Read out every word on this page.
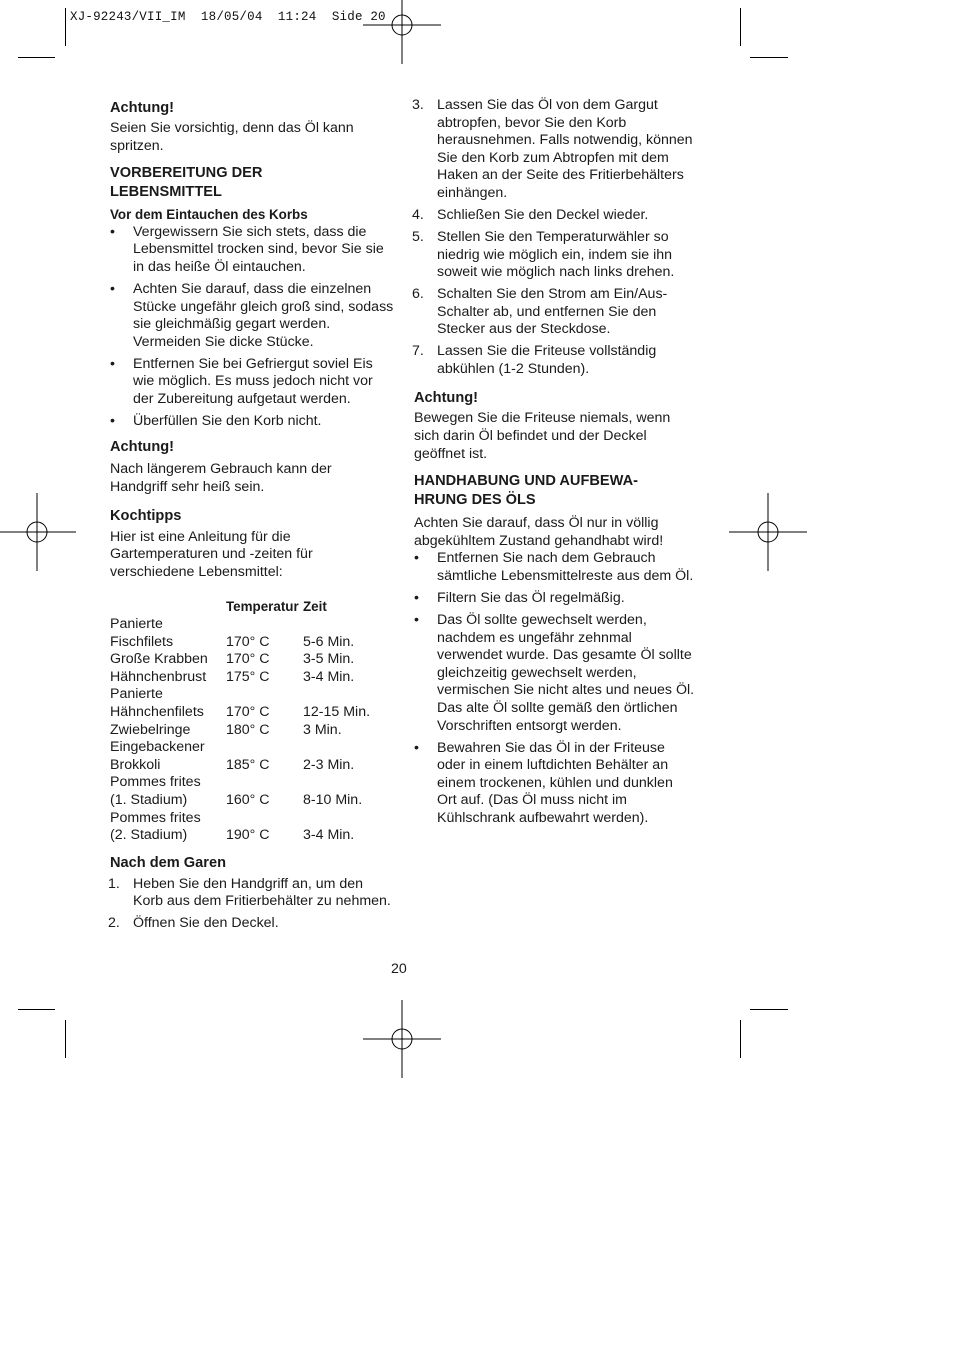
XJ-92243/VII_IM  18/05/04  11:24  Side 20
Achtung!

Seien Sie vorsichtig, denn das Öl kann spritzen.

VORBEREITUNG DER
LEBENSMITTEL
Vor dem Eintauchen des Korbs
• Vergewissern Sie sich stets, dass die Lebensmittel trocken sind, bevor Sie sie in das heiße Öl eintauchen.
• Achten Sie darauf, dass die einzelnen Stücke ungefähr gleich groß sind, sodass sie gleichmäßig gegart werden. Vermeiden Sie dicke Stücke.
• Entfernen Sie bei Gefriergut soviel Eis wie möglich. Es muss jedoch nicht vor der Zubereitung aufgetaut werden.
• Überfüllen Sie den Korb nicht.
Achtung!

Nach längerem Gebrauch kann der Handgriff sehr heiß sein.

Kochtipps

Hier ist eine Anleitung für die Gartemperaturen und -zeiten für verschiedene Lebensmittel:

	Temperatur	Zeit
Panierte		
Fischfilets	170° C	5-6 Min.
Große Krabben	170° C	3-5 Min.
Hähnchenbrust	175° C	3-4 Min.
Panierte		
Hähnchenfilets	170° C	12-15 Min.
Zwiebelringe	180° C	3 Min.
Eingebackener		
Brokkoli	185° C	2-3 Min.
Pommes frites		
(1. Stadium)	160° C	8-10 Min.
Pommes frites		
(2. Stadium)	190° C	3-4 Min.
Nach dem Garen
1. Heben Sie den Handgriff an, um den Korb aus dem Fritierbehälter zu nehmen.
2. Öffnen Sie den Deckel.
3. Lassen Sie das Öl von dem Gargut abtropfen, bevor Sie den Korb herausnehmen. Falls notwendig, können Sie den Korb zum Abtropfen mit dem Haken an der Seite des Fritierbehälters einhängen.
4. Schließen Sie den Deckel wieder.
5. Stellen Sie den Temperaturwähler so niedrig wie möglich ein, indem sie ihn soweit wie möglich nach links drehen.
6. Schalten Sie den Strom am Ein/Aus-Schalter ab, und entfernen Sie den Stecker aus der Steckdose.
7. Lassen Sie die Friteuse vollständig abkühlen (1-2 Stunden).
Achtung!

Bewegen Sie die Friteuse niemals, wenn sich darin Öl befindet und der Deckel geöffnet ist.

HANDHABUNG UND AUFBEWA-
HRUNG DES ÖLS

Achten Sie darauf, dass Öl nur in völlig abgekühltem Zustand gehandhabt wird!

• Entfernen Sie nach dem Gebrauch sämtliche Lebensmittelreste aus dem Öl.
• Filtern Sie das Öl regelmäßig.
• Das Öl sollte gewechselt werden, nachdem es ungefähr zehnmal verwendet wurde. Das gesamte Öl sollte gleichzeitig gewechselt werden, vermischen Sie nicht altes und neues Öl. Das alte Öl sollte gemäß den örtlichen Vorschriften entsorgt werden.
• Bewahren Sie das Öl in der Friteuse oder in einem luftdichten Behälter an einem trockenen, kühlen und dunklen Ort auf. (Das Öl muss nicht im Kühlschrank aufbewahrt werden).
20
